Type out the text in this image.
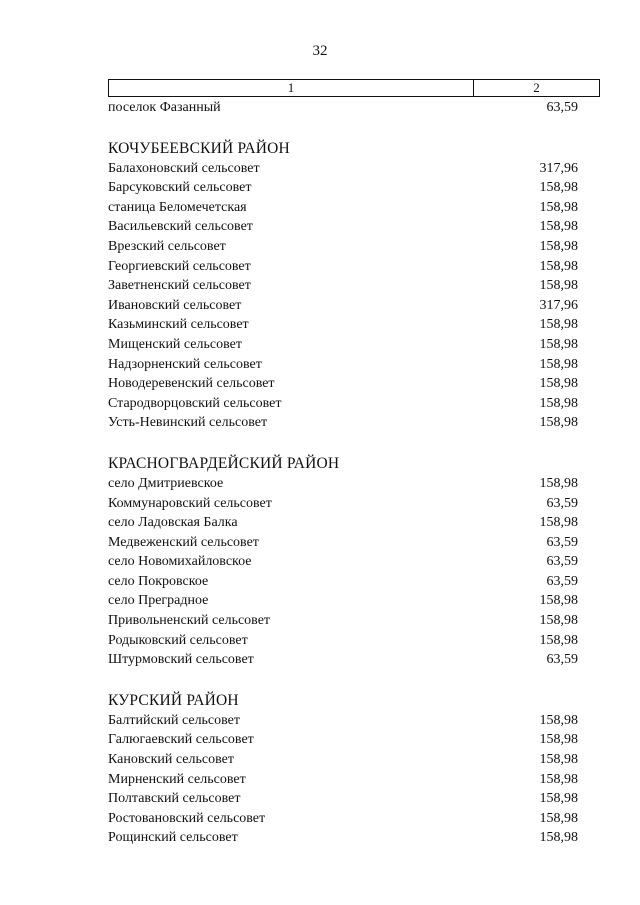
32
1	2
поселок Фазанный	63,59
КОЧУБЕЕВСКИЙ РАЙОН
Балахоновский сельсовет	317,96
Барсуковский сельсовет	158,98
станица Беломечетская	158,98
Васильевский сельсовет	158,98
Врезский сельсовет	158,98
Георгиевский сельсовет	158,98
Заветненский сельсовет	158,98
Ивановский сельсовет	317,96
Казьминский сельсовет	158,98
Мищенский сельсовет	158,98
Надзорненский сельсовет	158,98
Новодеревенский сельсовет	158,98
Стародворцовский сельсовет	158,98
Усть-Невинский сельсовет	158,98
КРАСНОГВАРДЕЙСКИЙ РАЙОН
село Дмитриевское	158,98
Коммунаровский сельсовет	63,59
село Ладовская Балка	158,98
Медвеженский сельсовет	63,59
село Новомихайловское	63,59
село Покровское	63,59
село Преградное	158,98
Привольненский сельсовет	158,98
Родыковский сельсовет	158,98
Штурмовский сельсовет	63,59
КУРСКИЙ РАЙОН
Балтийский сельсовет	158,98
Галюгаевский сельсовет	158,98
Кановский сельсовет	158,98
Мирненский сельсовет	158,98
Полтавский сельсовет	158,98
Ростовановский сельсовет	158,98
Рощинский сельсовет	158,98
